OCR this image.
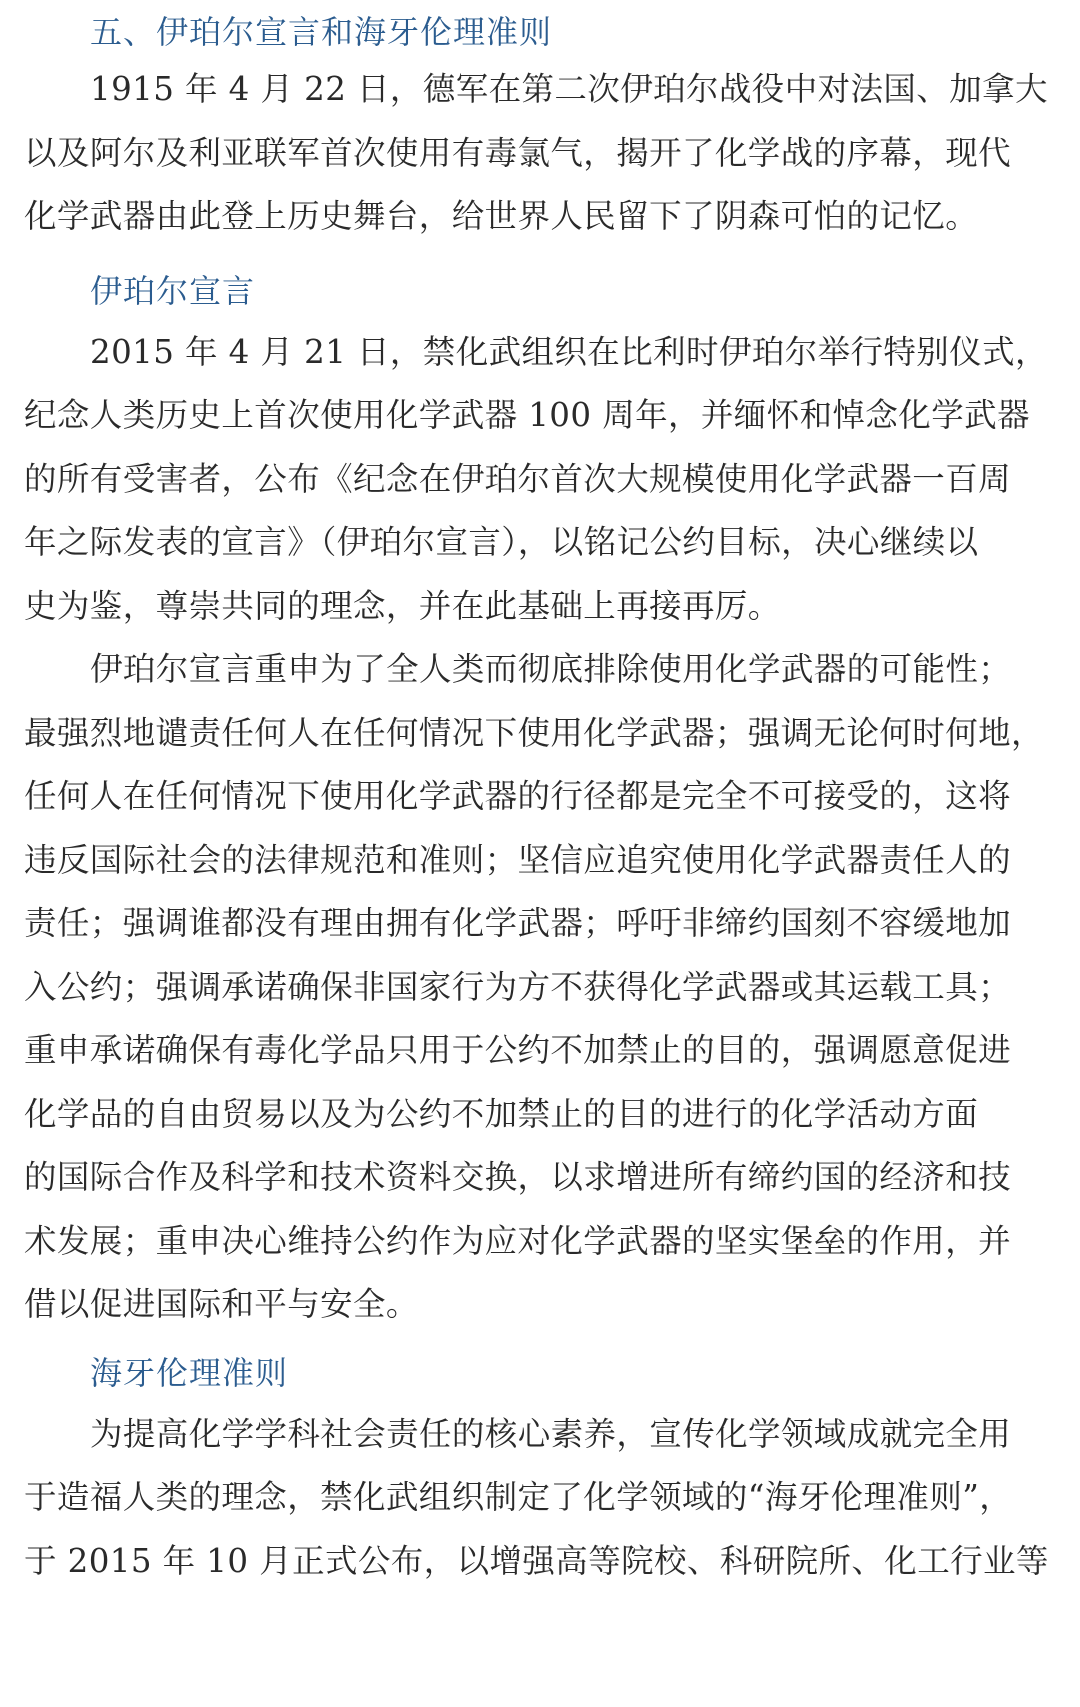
五、伊珀尔宣言和海牙伦理准则
1915 年 4 月 22 日，德军在第二次伊珀尔战役中对法国、加拿大
以及阿尔及利亚联军首次使用有毒氯气，揭开了化学战的序幕，现代
化学武器由此登上历史舞台，给世界人民留下了阴森可怕的记忆。
伊珀尔宣言
2015 年 4 月 21 日，禁化武组织在比利时伊珀尔举行特别仪式，
纪念人类历史上首次使用化学武器 100 周年，并缅怀和悼念化学武器
的所有受害者，公布《纪念在伊珀尔首次大规模使用化学武器一百周
年之际发表的宣言》（伊珀尔宣言），以铭记公约目标，决心继续以
史为鉴，尊崇共同的理念，并在此基础上再接再厉。
伊珀尔宣言重申为了全人类而彻底排除使用化学武器的可能性；
最强烈地谴责任何人在任何情况下使用化学武器；强调无论何时何地，
任何人在任何情况下使用化学武器的行径都是完全不可接受的，这将
违反国际社会的法律规范和准则；坚信应追究使用化学武器责任人的
责任；强调谁都没有理由拥有化学武器；呼吁非缔约国刻不容缓地加
入公约；强调承诺确保非国家行为方不获得化学武器或其运载工具；
重申承诺确保有毒化学品只用于公约不加禁止的目的，强调愿意促进
化学品的自由贸易以及为公约不加禁止的目的进行的化学活动方面
的国际合作及科学和技术资料交换，以求增进所有缔约国的经济和技
术发展；重申决心维持公约作为应对化学武器的坚实堡垒的作用，并
借以促进国际和平与安全。
海牙伦理准则
为提高化学学科社会责任的核心素养，宣传化学领域成就完全用
于造福人类的理念，禁化武组织制定了化学领域的“海牙伦理准则”，
于 2015 年 10 月正式公布，以增强高等院校、科研院所、化工行业等
